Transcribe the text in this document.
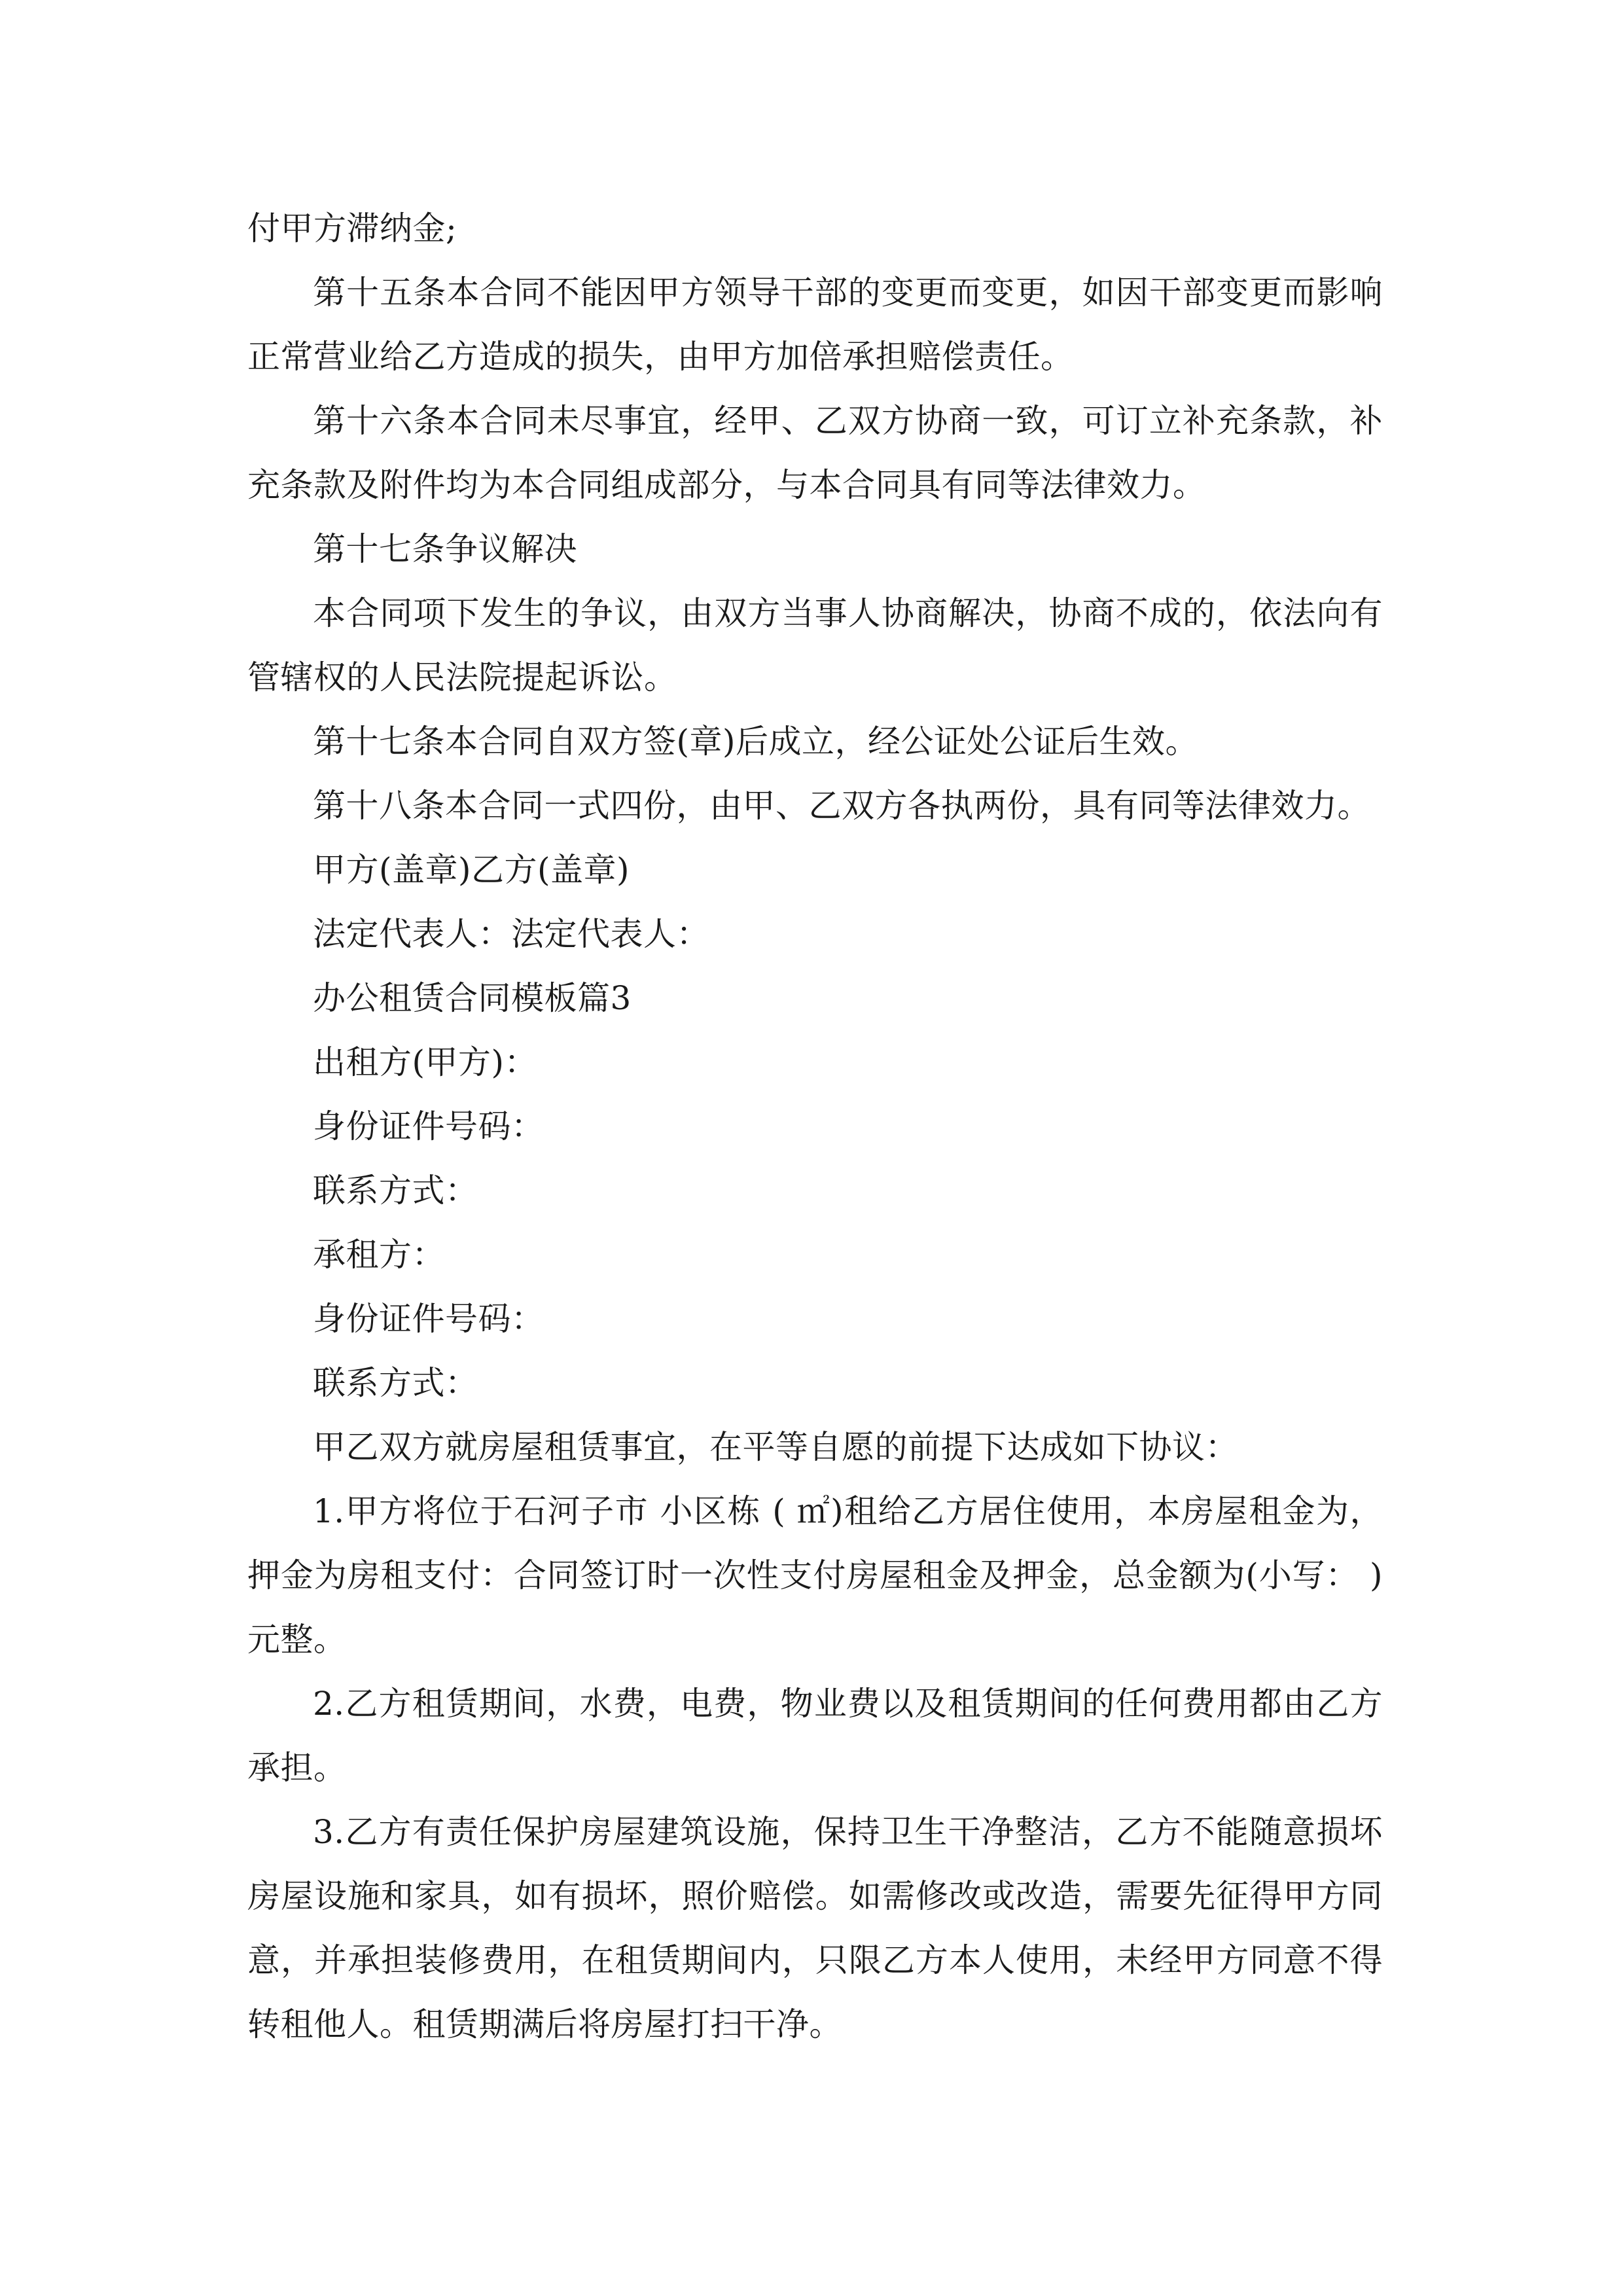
付甲方滞纳金;

第十五条本合同不能因甲方领导干部的变更而变更，如因干部变更而影响正常营业给乙方造成的损失，由甲方加倍承担赔偿责任。

第十六条本合同未尽事宜，经甲、乙双方协商一致，可订立补充条款，补充条款及附件均为本合同组成部分，与本合同具有同等法律效力。

第十七条争议解决

本合同项下发生的争议，由双方当事人协商解决，协商不成的，依法向有管辖权的人民法院提起诉讼。

第十七条本合同自双方签(章)后成立，经公证处公证后生效。

第十八条本合同一式四份，由甲、乙双方各执两份，具有同等法律效力。

甲方(盖章)乙方(盖章)

法定代表人：法定代表人：

办公租赁合同模板篇3

出租方(甲方)：

身份证件号码：

联系方式：

承租方：

身份证件号码：

联系方式：

甲乙双方就房屋租赁事宜，在平等自愿的前提下达成如下协议：

1.甲方将位于石河子市 小区栋 ( ㎡)租给乙方居住使用，本房屋租金为，押金为房租支付：合同签订时一次性支付房屋租金及押金，总金额为(小写： ) 元整。

2.乙方租赁期间，水费，电费，物业费以及租赁期间的任何费用都由乙方承担。

3.乙方有责任保护房屋建筑设施，保持卫生干净整洁，乙方不能随意损坏房屋设施和家具，如有损坏，照价赔偿。如需修改或改造，需要先征得甲方同意，并承担装修费用，在租赁期间内，只限乙方本人使用，未经甲方同意不得转租他人。租赁期满后将房屋打扫干净。
